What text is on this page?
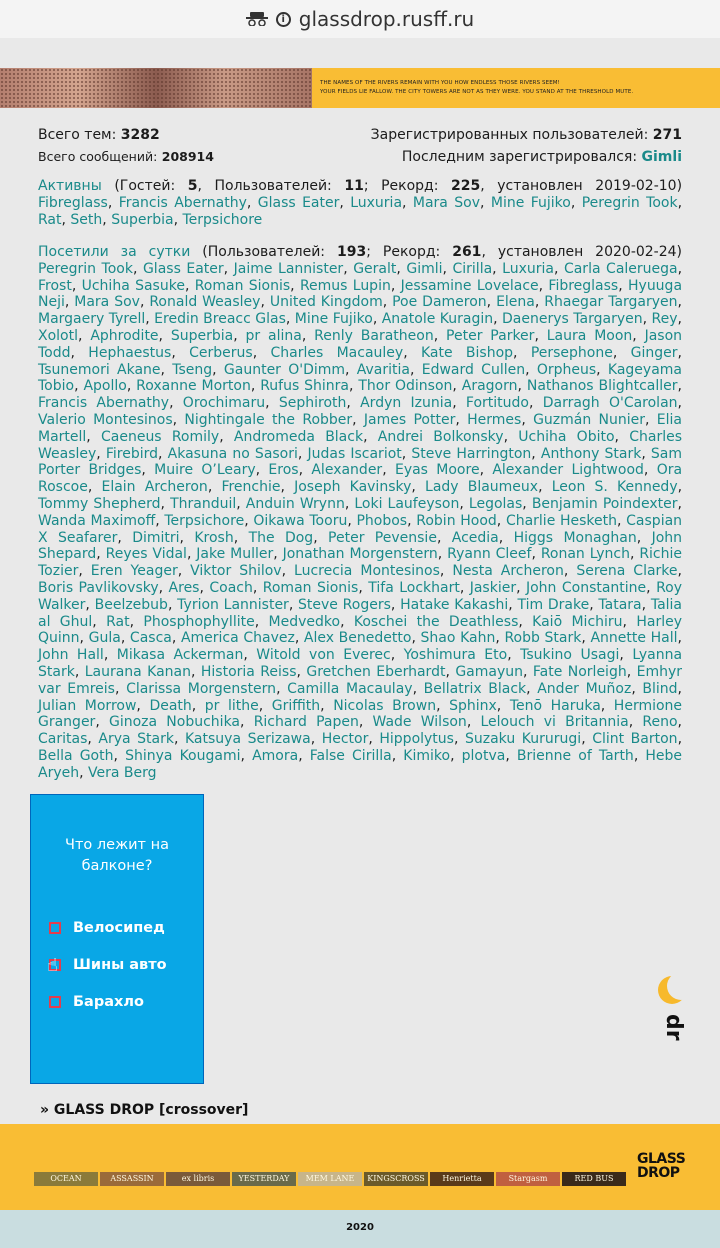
i glassdrop.rusff.ru
THE NAMES OF THE RIVERS REMAIN WITH YOU HOW ENDLESS THOSE RIVERS SEEM!
YOUR FIELDS LIE FALLOW. THE CITY TOWERS ARE NOT AS THEY WERE. YOU STAND AT THE THRESHOLD MUTE.
Всего тем: 3282	Зарегистрированных пользователей: 271
Всего сообщений: 208914	Последним зарегистрировался: Gimli
Активны (Гостей: 5, Пользователей: 11; Рекорд: 225, установлен 2019-02-10) Fibreglass, Francis Abernathy, Glass Eater, Luxuria, Mara Sov, Mine Fujiko, Peregrin Took, Rat, Seth, Superbia, Terpsichore
Посетили за сутки (Пользователей: 193; Рекорд: 261, установлен 2020-02-24) Peregrin Took, Glass Eater, Jaime Lannister, Geralt, Gimli, Cirilla, Luxuria, Carla Caleruega, Frost, Uchiha Sasuke, Roman Sionis, Remus Lupin, Jessamine Lovelace, Fibreglass, Hyuuga Neji, Mara Sov, Ronald Weasley, United Kingdom, Poe Dameron, Elena, Rhaegar Targaryen, Margaery Tyrell, Eredin Breacc Glas, Mine Fujiko, Anatole Kuragin, Daenerys Targaryen, Rey, Xolotl, Aphrodite, Superbia, pr alina, Renly Baratheon, Peter Parker, Laura Moon, Jason Todd, Hephaestus, Cerberus, Charles Macauley, Kate Bishop, Persephone, Ginger, Tsunemori Akane, Tseng, Gaunter O'Dimm, Avaritia, Edward Cullen, Orpheus, Kageyama Tobio, Apollo, Roxanne Morton, Rufus Shinra, Thor Odinson, Aragorn, Nathanos Blightcaller, Francis Abernathy, Orochimaru, Sephiroth, Ardyn Izunia, Fortitudo, Darragh O'Carolan, Valerio Montesinos, Nightingale the Robber, James Potter, Hermes, Guzmán Nunier, Elia Martell, Caeneus Romily, Andromeda Black, Andrei Bolkonsky, Uchiha Obito, Charles Weasley, Firebird, Akasuna no Sasori, Judas Iscariot, Steve Harrington, Anthony Stark, Sam Porter Bridges, Muire O’Leary, Eros, Alexander, Eyas Moore, Alexander Lightwood, Ora Roscoe, Elain Archeron, Frenchie, Joseph Kavinsky, Lady Blaumeux, Leon S. Kennedy, Tommy Shepherd, Thranduil, Anduin Wrynn, Loki Laufeyson, Legolas, Benjamin Poindexter, Wanda Maximoff, Terpsichore, Oikawa Tooru, Phobos, Robin Hood, Charlie Hesketh, Caspian X Seafarer, Dimitri, Krosh, The Dog, Peter Pevensie, Acedia, Higgs Monaghan, John Shepard, Reyes Vidal, Jake Muller, Jonathan Morgenstern, Ryann Cleef, Ronan Lynch, Richie Tozier, Eren Yeager, Viktor Shilov, Lucrecia Montesinos, Nesta Archeron, Serena Clarke, Boris Pavlikovsky, Ares, Coach, Roman Sionis, Tifa Lockhart, Jaskier, John Constantine, Roy Walker, Beelzebub, Tyrion Lannister, Steve Rogers, Hatake Kakashi, Tim Drake, Tatara, Talia al Ghul, Rat, Phosphophyllite, Medvedko, Koschei the Deathless, Kaiō Michiru, Harley Quinn, Gula, Casca, America Chavez, Alex Benedetto, Shao Kahn, Robb Stark, Annette Hall, John Hall, Mikasa Ackerman, Witold von Everec, Yoshimura Eto, Tsukino Usagi, Lyanna Stark, Laurana Kanan, Historia Reiss, Gretchen Eberhardt, Gamayun, Fate Norleigh, Emhyr var Emreis, Clarissa Morgenstern, Camilla Macaulay, Bellatrix Black, Ander Muñoz, Blind, Julian Morrow, Death, pr lithe, Griffith, Nicolas Brown, Sphinx, Tenō Haruka, Hermione Granger, Ginoza Nobuchika, Richard Papen, Wade Wilson, Lelouch vi Britannia, Reno, Caritas, Arya Stark, Katsuya Serizawa, Hector, Hippolytus, Suzaku Kururugi, Clint Barton, Bella Goth, Shinya Kougami, Amora, False Cirilla, Kimiko, plotva, Brienne of Tarth, Hebe Aryeh, Vera Berg
Что лежит на балконе?
Велосипед
☝ Шины авто
Барахло
dr
» GLASS DROP [crossover]
OCEAN	ASSASSIN	ex libris	YESTERDAY	MEM LANE	KINGSCROSS	Henrietta	Stargasm	RED BUS
GLASS
DROP
2020
